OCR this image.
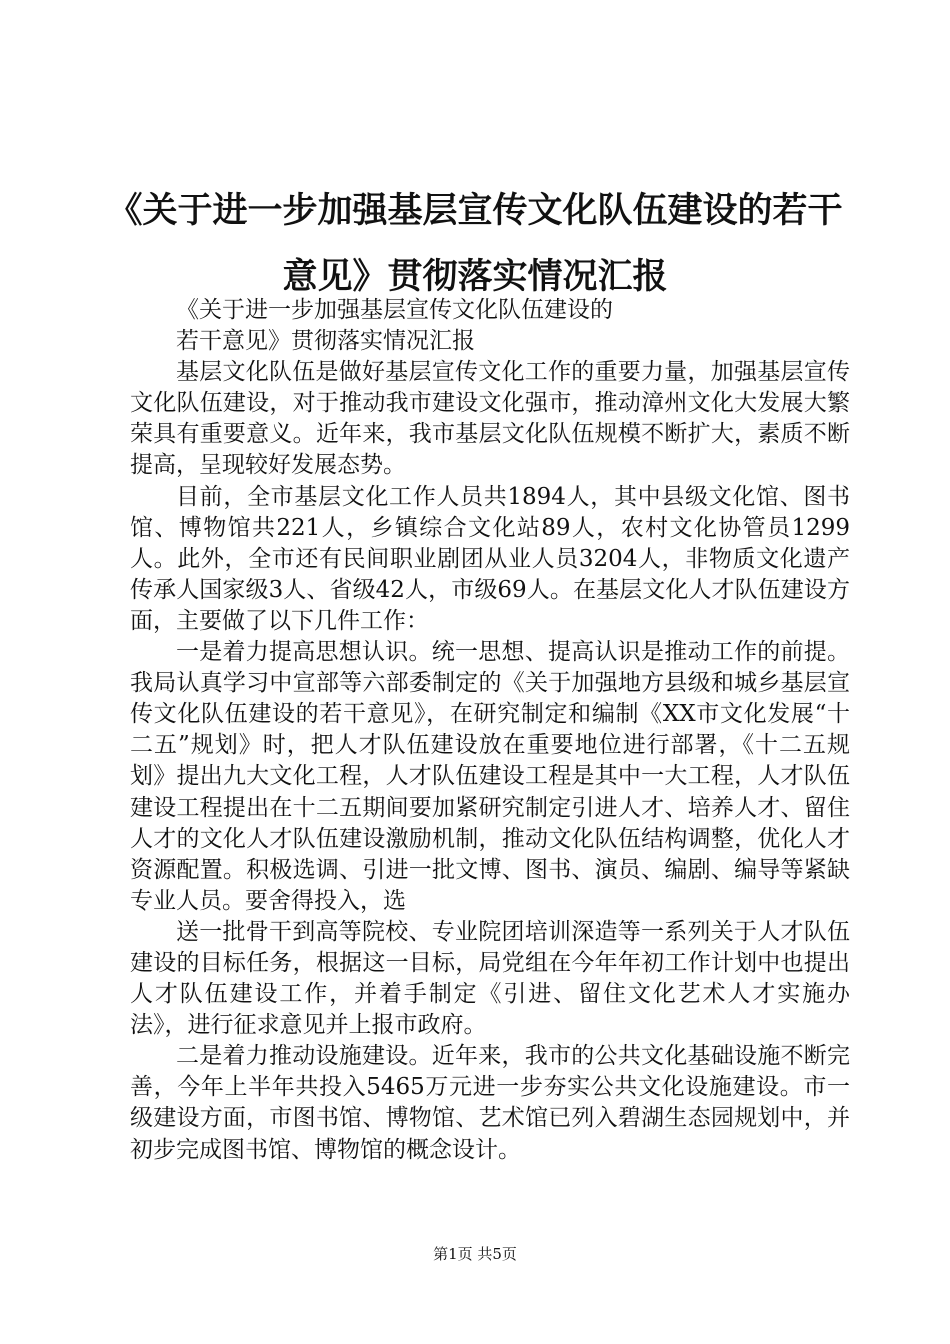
《关于进一步加强基层宣传文化队伍建设的若干意见》贯彻落实情况汇报

《关于进一步加强基层宣传文化队伍建设的

若干意见》贯彻落实情况汇报

基层文化队伍是做好基层宣传文化工作的重要力量，加强基层宣传文化队伍建设，对于推动我市建设文化强市，推动漳州文化大发展大繁荣具有重要意义。近年来，我市基层文化队伍规模不断扩大，素质不断提高，呈现较好发展态势。

目前，全市基层文化工作人员共1894人，其中县级文化馆、图书馆、博物馆共221人，乡镇综合文化站89人，农村文化协管员1299人。此外，全市还有民间职业剧团从业人员3204人，非物质文化遗产传承人国家级3人、省级42人，市级69人。在基层文化人才队伍建设方面，主要做了以下几件工作：

一是着力提高思想认识。统一思想、提高认识是推动工作的前提。我局认真学习中宣部等六部委制定的《关于加强地方县级和城乡基层宣传文化队伍建设的若干意见》，在研究制定和编制《XX市文化发展“十二五”规划》时，把人才队伍建设放在重要地位进行部署，《十二五规划》提出九大文化工程，人才队伍建设工程是其中一大工程，人才队伍建设工程提出在十二五期间要加紧研究制定引进人才、培养人才、留住人才的文化人才队伍建设激励机制，推动文化队伍结构调整，优化人才资源配置。积极选调、引进一批文博、图书、演员、编剧、编导等紧缺专业人员。要舍得投入，选

送一批骨干到高等院校、专业院团培训深造等一系列关于人才队伍建设的目标任务，根据这一目标，局党组在今年年初工作计划中也提出人才队伍建设工作，并着手制定《引进、留住文化艺术人才实施办法》，进行征求意见并上报市政府。

二是着力推动设施建设。近年来，我市的公共文化基础设施不断完善，今年上半年共投入5465万元进一步夯实公共文化设施建设。市一级建设方面，市图书馆、博物馆、艺术馆已列入碧湖生态园规划中，并初步完成图书馆、博物馆的概念设计。

第1页 共5页
